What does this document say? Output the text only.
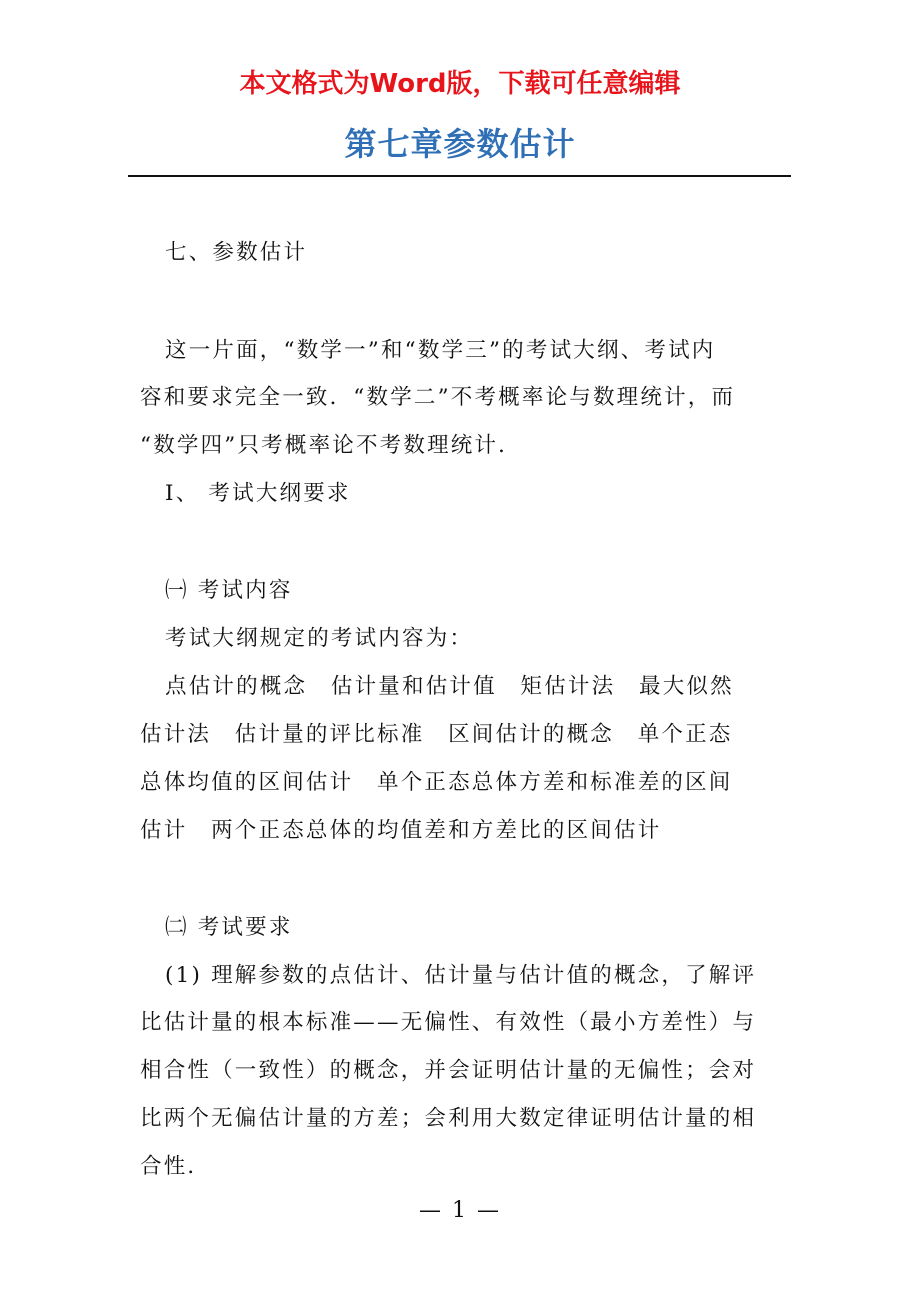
本文格式为Word版，下载可任意编辑
第七章参数估计
七、参数估计
这一片面，“数学一”和“数学三”的考试大纲、考试内
容和要求完全一致．“数学二”不考概率论与数理统计，而
“数学四”只考概率论不考数理统计．
Ⅰ、 考试大纲要求
㈠ 考试内容
考试大纲规定的考试内容为：
点估计的概念　估计量和估计值　矩估计法　最大似然
估计法　估计量的评比标准　区间估计的概念　单个正态
总体均值的区间估计　单个正态总体方差和标准差的区间
估计　两个正态总体的均值差和方差比的区间估计
㈡ 考试要求
(1) 理解参数的点估计、估计量与估计值的概念，了解评
比估计量的根本标准——无偏性、有效性（最小方差性）与
相合性（一致性）的概念，并会证明估计量的无偏性；会对
比两个无偏估计量的方差；会利用大数定律证明估计量的相
合性．
— 1 —
